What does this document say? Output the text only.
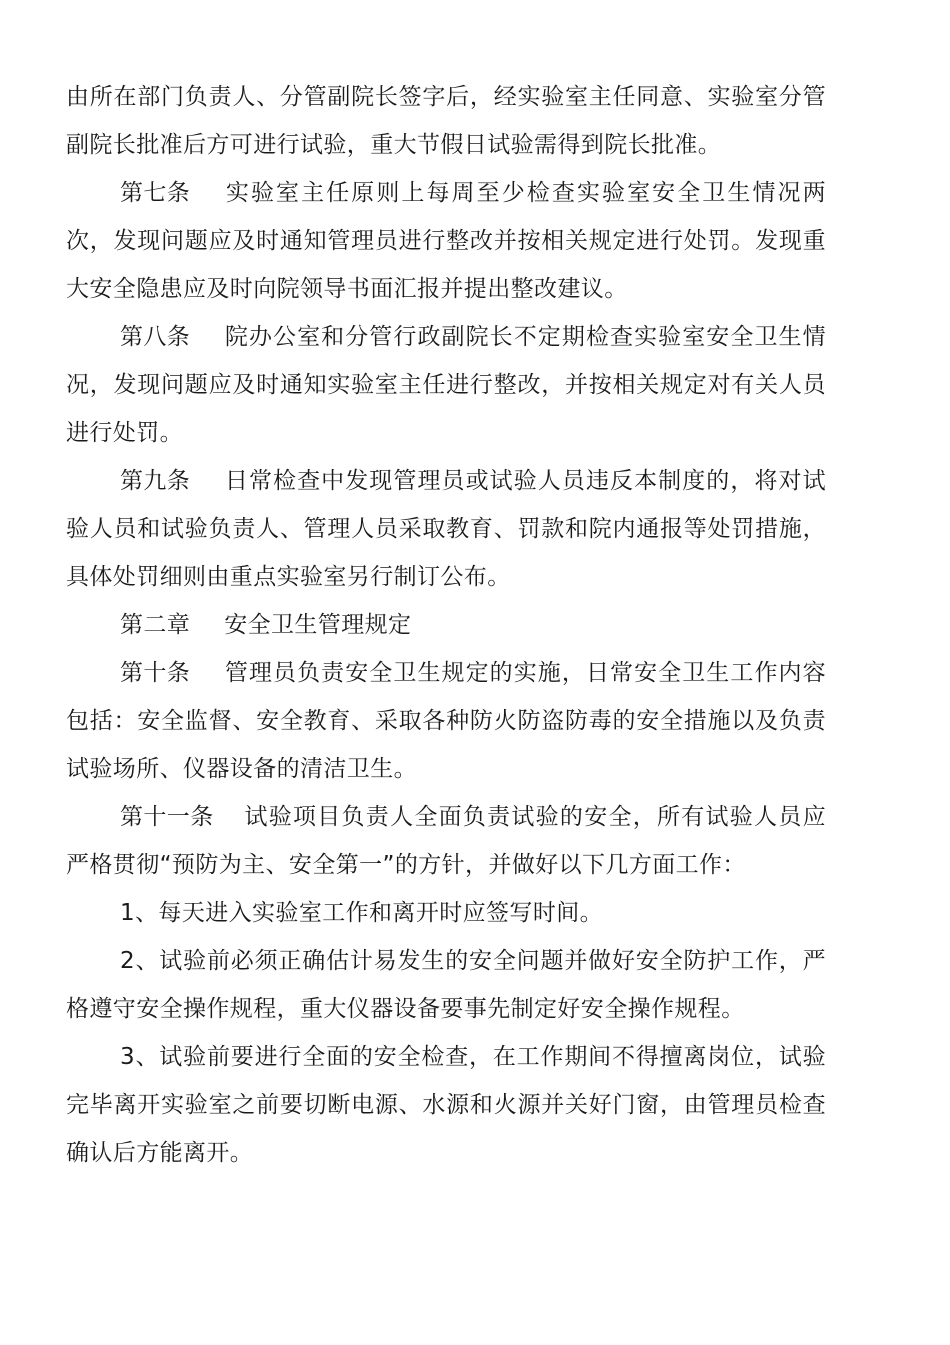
由所在部门负责人、分管副院长签字后，经实验室主任同意、实验室分管副院长批准后方可进行试验，重大节假日试验需得到院长批准。

第七条 实验室主任原则上每周至少检查实验室安全卫生情况两次，发现问题应及时通知管理员进行整改并按相关规定进行处罚。发现重大安全隐患应及时向院领导书面汇报并提出整改建议。

第八条 院办公室和分管行政副院长不定期检查实验室安全卫生情况，发现问题应及时通知实验室主任进行整改，并按相关规定对有关人员进行处罚。

第九条 日常检查中发现管理员或试验人员违反本制度的，将对试验人员和试验负责人、管理人员采取教育、罚款和院内通报等处罚措施，具体处罚细则由重点实验室另行制订公布。

第二章 安全卫生管理规定

第十条 管理员负责安全卫生规定的实施，日常安全卫生工作内容包括：安全监督、安全教育、采取各种防火防盗防毒的安全措施以及负责试验场所、仪器设备的清洁卫生。

第十一条 试验项目负责人全面负责试验的安全，所有试验人员应严格贯彻“预防为主、安全第一”的方针，并做好以下几方面工作：

1、每天进入实验室工作和离开时应签写时间。

2、试验前必须正确估计易发生的安全问题并做好安全防护工作，严格遵守安全操作规程，重大仪器设备要事先制定好安全操作规程。

3、试验前要进行全面的安全检查，在工作期间不得擅离岗位，试验完毕离开实验室之前要切断电源、水源和火源并关好门窗，由管理员检查确认后方能离开。
